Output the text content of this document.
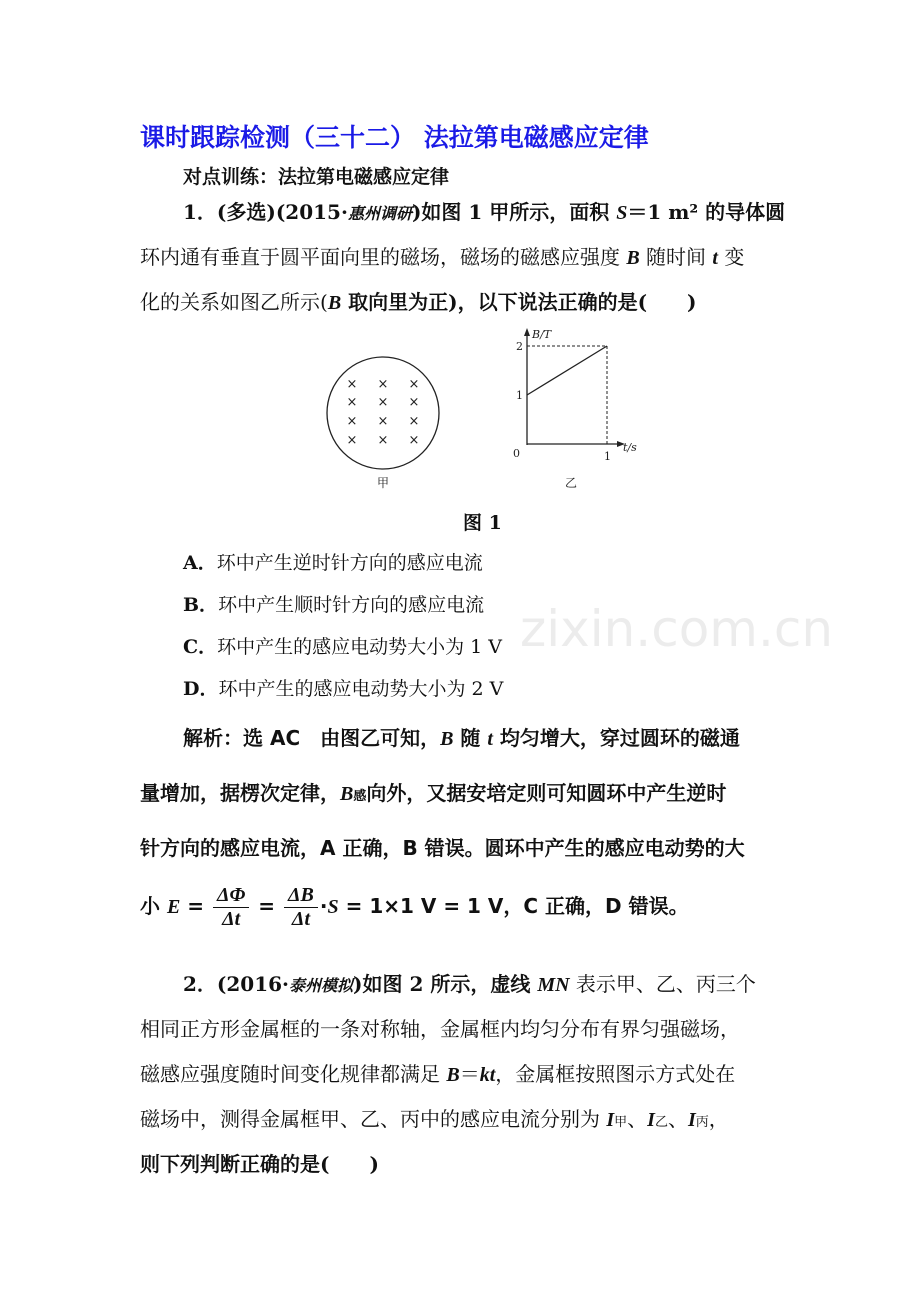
zixin.com.cn
课时跟踪检测（三十二） 法拉第电磁感应定律
对点训练：法拉第电磁感应定律
1．(多选)(2015·惠州调研)如图 1 甲所示，面积 S＝1 m² 的导体圆
环内通有垂直于圆平面向里的磁场，磁场的磁感应强度 B 随时间 t 变
化的关系如图乙所示(B 取向里为正)，以下说法正确的是(　　)
× × ×
× × ×
× × ×
× × ×
甲
B/T
t/s
2
1
0	1
乙
图 1
A．环中产生逆时针方向的感应电流
B．环中产生顺时针方向的感应电流
C．环中产生的感应电动势大小为 1 V
D．环中产生的感应电动势大小为 2 V
解析：选 AC　由图乙可知，B 随 t 均匀增大，穿过圆环的磁通
量增加，据楞次定律，B感向外，又据安培定则可知圆环中产生逆时
针方向的感应电流，A 正确，B 错误。圆环中产生的感应电动势的大
小 $E = \frac{\Delta\Phi}{\Delta t} = \frac{\Delta B}{\Delta t} \cdot S = 1\times 1$ V = 1 V，C 正确，D 错误。
2．(2016·泰州模拟)如图 2 所示，虚线 MN 表示甲、乙、丙三个
相同正方形金属框的一条对称轴，金属框内均匀分布有界匀强磁场，
磁感应强度随时间变化规律都满足 B＝kt，金属框按照图示方式处在
磁场中，测得金属框甲、乙、丙中的感应电流分别为 I甲、I乙、I丙，
则下列判断正确的是(　　)
